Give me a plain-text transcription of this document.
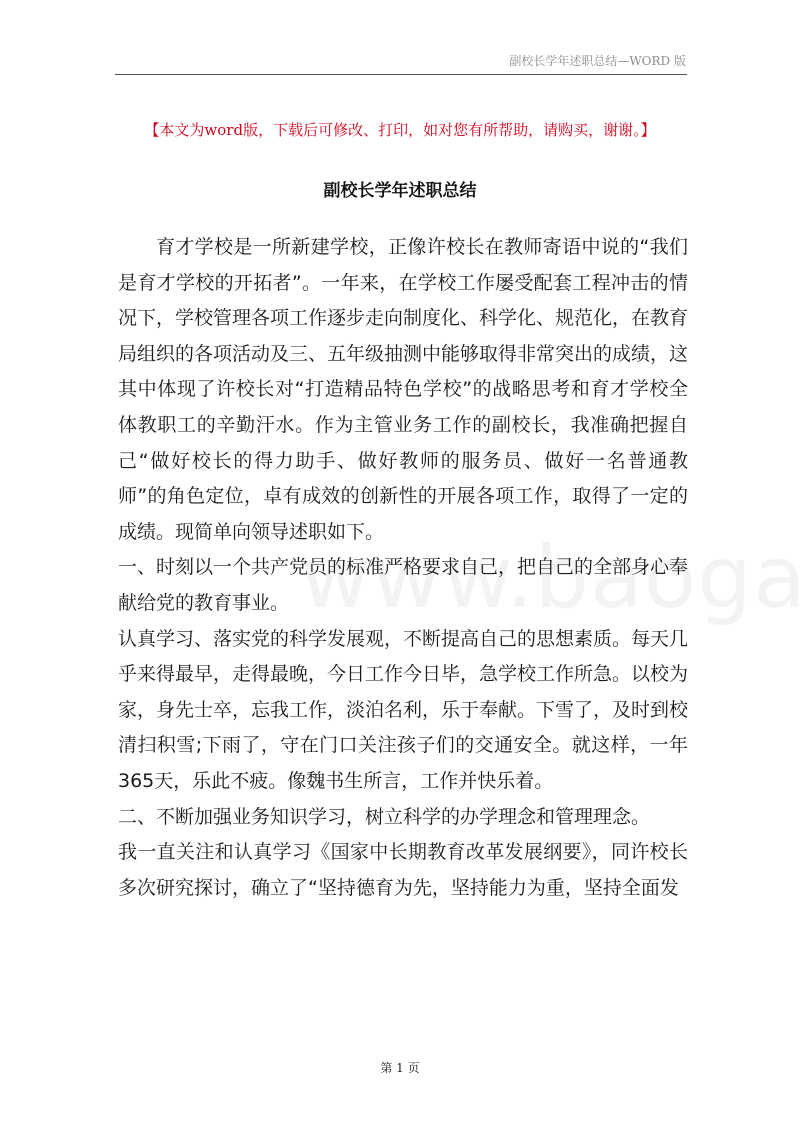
副校长学年述职总结—WORD 版
【本文为word版，下载后可修改、打印，如对您有所帮助，请购买，谢谢。】
副校长学年述职总结

育才学校是一所新建学校，正像许校长在教师寄语中说的“我们是育才学校的开拓者”。一年来，在学校工作屡受配套工程冲击的情况下，学校管理各项工作逐步走向制度化、科学化、规范化，在教育局组织的各项活动及三、五年级抽测中能够取得非常突出的成绩，这其中体现了许校长对“打造精品特色学校”的战略思考和育才学校全体教职工的辛勤汗水。作为主管业务工作的副校长，我准确把握自己“做好校长的得力助手、做好教师的服务员、做好一名普通教师”的角色定位，卓有成效的创新性的开展各项工作，取得了一定的成绩。现简单向领导述职如下。

一、时刻以一个共产党员的标准严格要求自己，把自己的全部身心奉献给党的教育事业。

认真学习、落实党的科学发展观，不断提高自己的思想素质。每天几乎来得最早，走得最晚，今日工作今日毕，急学校工作所急。以校为家，身先士卒，忘我工作，淡泊名利，乐于奉献。下雪了，及时到校清扫积雪;下雨了，守在门口关注孩子们的交通安全。就这样，一年365天，乐此不疲。像魏书生所言，工作并快乐着。

二、不断加强业务知识学习，树立科学的办学理念和管理理念。

我一直关注和认真学习《国家中长期教育改革发展纲要》，同许校长多次研究探讨，确立了“坚持德育为先，坚持能力为重，坚持全面发

第 1 页
